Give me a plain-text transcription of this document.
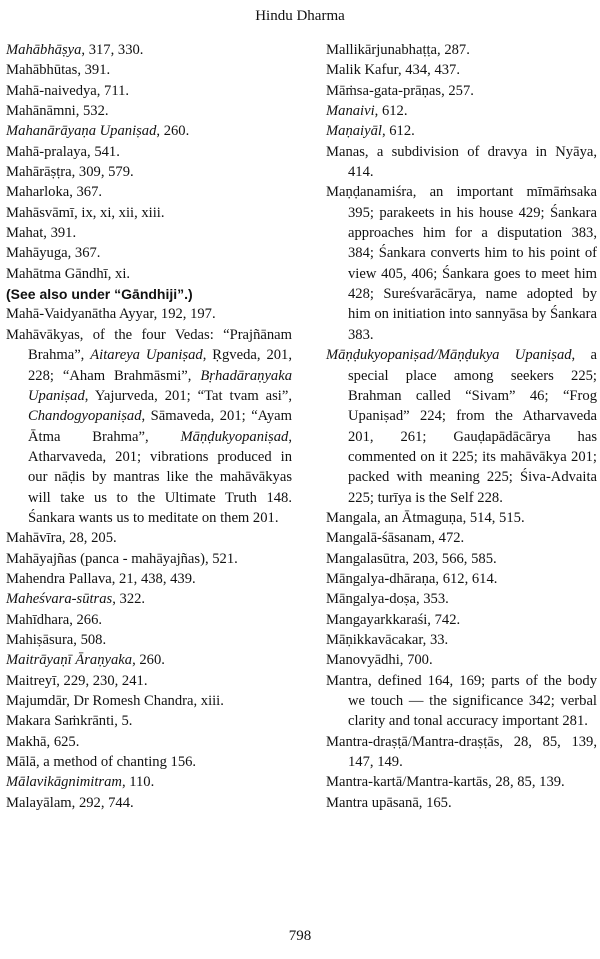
Hindu Dharma

Mahābhāṣya, 317, 330.

Mahābhūtas, 391.

Mahā-naivedya, 711.

Mahānāmni, 532.

Mahanārāyaṇa Upaniṣad, 260.

Mahā-pralaya, 541.

Mahārāṣṭra, 309, 579.

Maharloka, 367.

Mahāsvāmī, ix, xi, xii, xiii.

Mahat, 391.

Mahāyuga, 367.

Mahātma Gāndhī, xi.

(See also under “Gāndhiji”.)

Mahā-Vaidyanātha Ayyar, 192, 197.

Mahāvākyas, of the four Vedas: “Prajñānam Brahma”, Aitareya Upaniṣad, Ṛgveda, 201, 228; “Aham Brahmāsmi”, Bṛhadāraṇyaka Upaniṣad, Yajurveda, 201; “Tat tvam asi”, Chandogyopaniṣad, Sāmaveda, 201; “Ayam Ātma Brahma”, Māṇḍukyopaniṣad, Atharvaveda, 201; vibrations produced in our nāḍis by mantras like the mahāvākyas will take us to the Ultimate Truth 148. Śankara wants us to meditate on them 201.

Mahāvīra, 28, 205.

Mahāyajñas (panca - mahāyajñas), 521.

Mahendra Pallava, 21, 438, 439.

Maheśvara-sūtras, 322.

Mahīdhara, 266.

Mahiṣāsura, 508.

Maitrāyaṇī Āraṇyaka, 260.

Maitreyī, 229, 230, 241.

Majumdār, Dr Romesh Chandra, xiii.

Makara Saṁkrānti, 5.

Makhā, 625.

Mālā, a method of chanting 156.

Mālavikāgnimitram, 110.

Malayālam, 292, 744.

Mallikārjunabhaṭṭa, 287.

Malik Kafur, 434, 437.

Māṁsa-gata-prāṇas, 257.

Manaivi, 612.

Maṇaiyāl, 612.

Manas, a subdivision of dravya in Nyāya, 414.

Maṇḍanamiśra, an important mīmāṁsaka 395; parakeets in his house 429; Śankara approaches him for a disputation 383, 384; Śankara converts him to his point of view 405, 406; Śankara goes to meet him 428; Sureśvarācārya, name adopted by him on initiation into sannyāsa by Śankara 383.

Māṇḍukyopaniṣad/Māṇḍukya Upaniṣad, a special place among seekers 225; Brahman called “Sivam” 46; “Frog Upaniṣad” 224; from the Atharvaveda 201, 261; Gauḍapādācārya has commented on it 225; its mahāvākya 201; packed with meaning 225; Śiva-Advaita 225; turīya is the Self 228.

Mangala, an Ātmaguṇa, 514, 515.

Mangalā-śāsanam, 472.

Mangalasūtra, 203, 566, 585.

Māngalya-dhāraṇa, 612, 614.

Māngalya-doṣa, 353.

Mangayarkkaraśi, 742.

Māṇikkavācakar, 33.

Manovyādhi, 700.

Mantra, defined 164, 169; parts of the body we touch — the significance 342; verbal clarity and tonal accuracy important 281.

Mantra-draṣṭā/Mantra-draṣṭās, 28, 85, 139, 147, 149.

Mantra-kartā/Mantra-kartās, 28, 85, 139.

Mantra upāsanā, 165.

798
